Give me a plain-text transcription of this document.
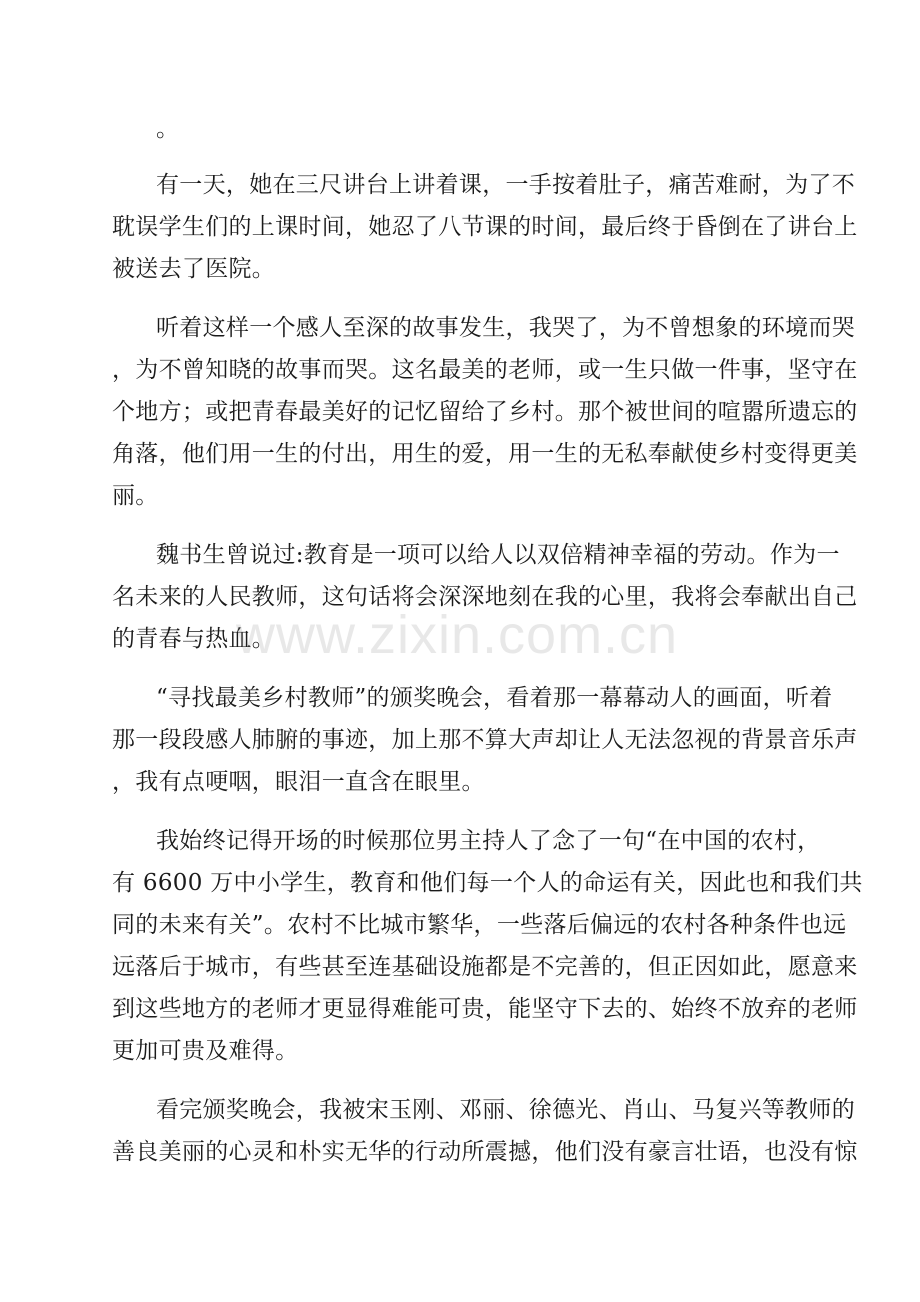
。
有一天，她在三尺讲台上讲着课，一手按着肚子，痛苦难耐，为了不
耽误学生们的上课时间，她忍了八节课的时间，最后终于昏倒在了讲台上
被送去了医院。
听着这样一个感人至深的故事发生，我哭了，为不曾想象的环境而哭
，为不曾知晓的故事而哭。这名最美的老师，或一生只做一件事，坚守在
个地方；或把青春最美好的记忆留给了乡村。那个被世间的喧嚣所遗忘的
角落，他们用一生的付出，用生的爱，用一生的无私奉献使乡村变得更美
丽。
魏书生曾说过:教育是一项可以给人以双倍精神幸福的劳动。作为一
名未来的人民教师，这句话将会深深地刻在我的心里，我将会奉献出自己
的青春与热血。
“寻找最美乡村教师”的颁奖晚会，看着那一幕幕动人的画面，听着
那一段段感人肺腑的事迹，加上那不算大声却让人无法忽视的背景音乐声
，我有点哽咽，眼泪一直含在眼里。
我始终记得开场的时候那位男主持人了念了一句“在中国的农村，
有 6600 万中小学生，教育和他们每一个人的命运有关，因此也和我们共
同的未来有关”。农村不比城市繁华，一些落后偏远的农村各种条件也远
远落后于城市，有些甚至连基础设施都是不完善的，但正因如此，愿意来
到这些地方的老师才更显得难能可贵，能坚守下去的、始终不放弃的老师
更加可贵及难得。
看完颁奖晚会，我被宋玉刚、邓丽、徐德光、肖山、马复兴等教师的
善良美丽的心灵和朴实无华的行动所震撼，他们没有豪言壮语，也没有惊
www.zixin.com.cn
